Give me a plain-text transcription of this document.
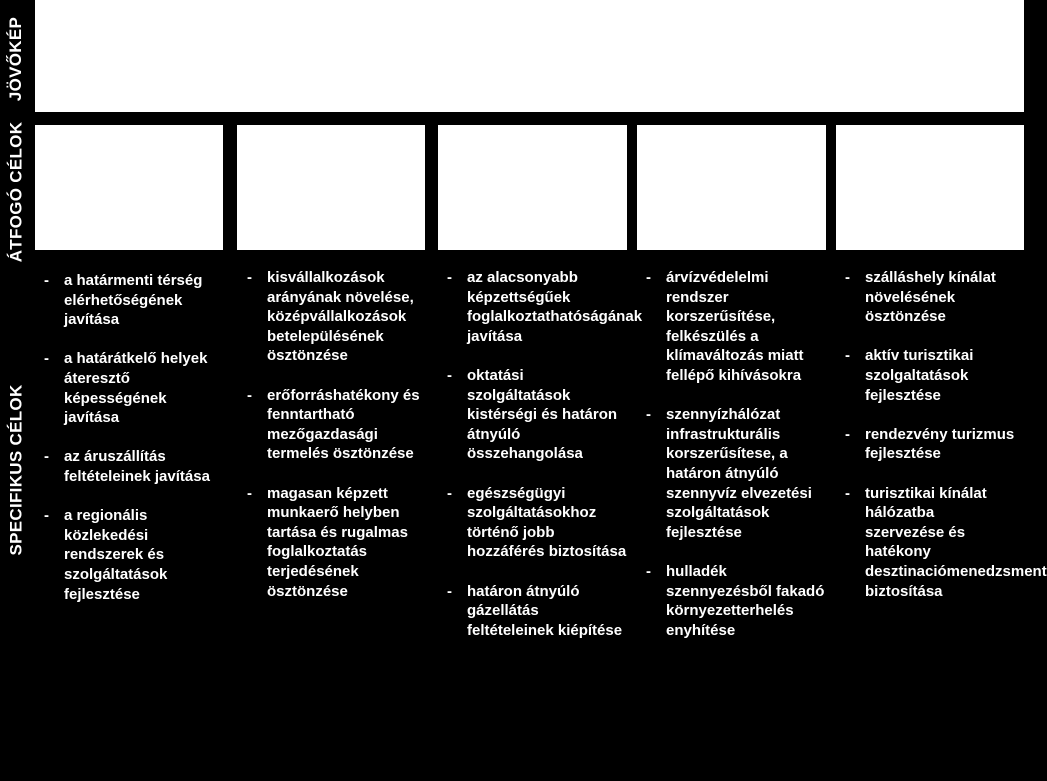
JÖVŐKÉP
ÁTFOGÓ CÉLOK
SPECIFIKUS CÉLOK
- a határmenti térség elérhetőségének javítása
- a határátkelő helyek áteresztő képességének javítása
- az áruszállítás feltételeinek javítása
- a regionális közlekedési rendszerek és szolgáltatások fejlesztése
- kisvállalkozások arányának növelése, középvállalkozások betelepülésének ösztönzése
- erőforráshatékony és fenntartható mezőgazdasági termelés ösztönzése
- magasan képzett munkaerő helyben tartása és rugalmas foglalkoztatás terjedésének ösztönzése
- az alacsonyabb képzettségűek foglalkoztathatóságának javítása
- oktatási szolgáltatások kistérségi és határon átnyúló összehangolása
- egészségügyi szolgáltatásokhoz történő jobb hozzáférés biztosítása
- határon átnyúló gázellátás feltételeinek kiépítése
- árvízvédelelmi rendszer korszerűsítése, felkészülés a klímaváltozás miatt fellépő kihívásokra
- szennyízhálózat infrastrukturális korszerűsítese, a határon átnyúló szennyvíz elvezetési szolgáltatások fejlesztése
- hulladék szennyezésből fakadó környezetterhelés enyhítése
- szálláshely kínálat növelésének ösztönzése
- aktív turisztikai szolgaltatások fejlesztése
- rendezvény turizmus fejlesztése
- turisztikai kínálat hálózatba szervezése és hatékony desztinaciómenedzsment biztosítása
